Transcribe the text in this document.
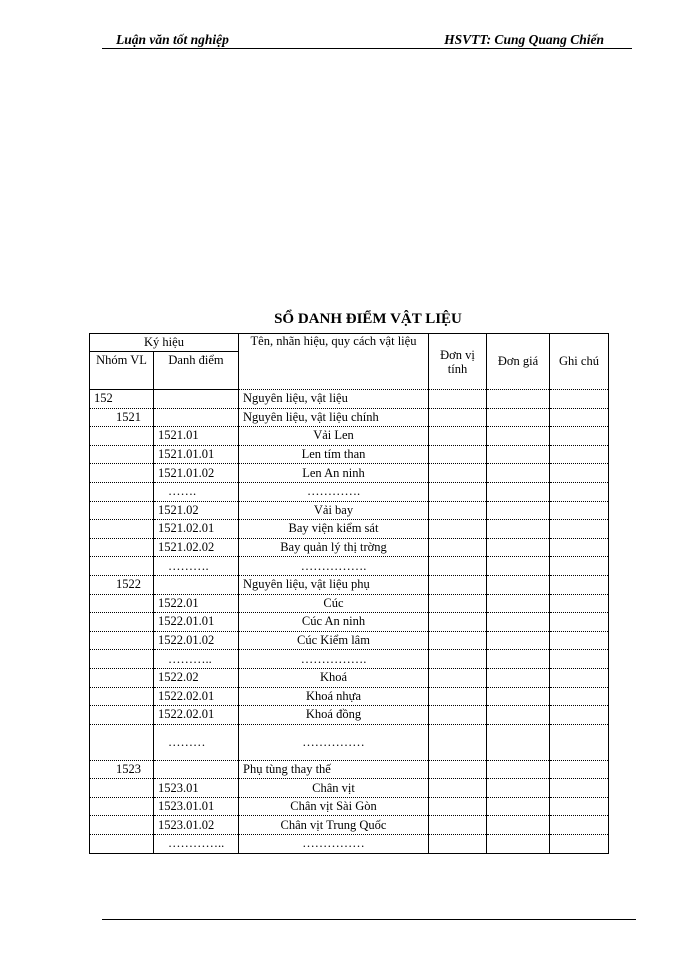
Luận văn tốt nghiệp	HSVTT: Cung Quang Chiến
SỔ DANH ĐIỂM VẬT LIỆU
Ký hiệu		Tên, nhãn hiệu, quy cách vật liệu	Đơn vị tính	Đơn giá	Ghi chú
Nhóm VL	Danh điểm				
152		Nguyên liệu, vật liệu			
1521		Nguyên liệu, vật liệu chính			
	1521.01	Vải Len			
	1521.01.01	Len tím than			
	1521.01.02	Len An ninh			
	…….	………….			
	1521.02	Vải bay			
	1521.02.01	Bay viện kiểm sát			
	1521.02.02	Bay quản lý thị trờng			
	……….	…………….			
1522		Nguyên liệu, vật liệu phụ			
	1522.01	Cúc			
	1522.01.01	Cúc An ninh			
	1522.01.02	Cúc Kiểm lâm			
	………..	…………….			
	1522.02	Khoá			
	1522.02.01	Khoá nhựa			
	1522.02.01	Khoá đồng			
	………	……………			
1523		Phụ tùng thay thế			
	1523.01	Chân vịt			
	1523.01.01	Chân vịt Sài Gòn			
	1523.01.02	Chân vịt Trung Quốc			
	…………..	……………			
